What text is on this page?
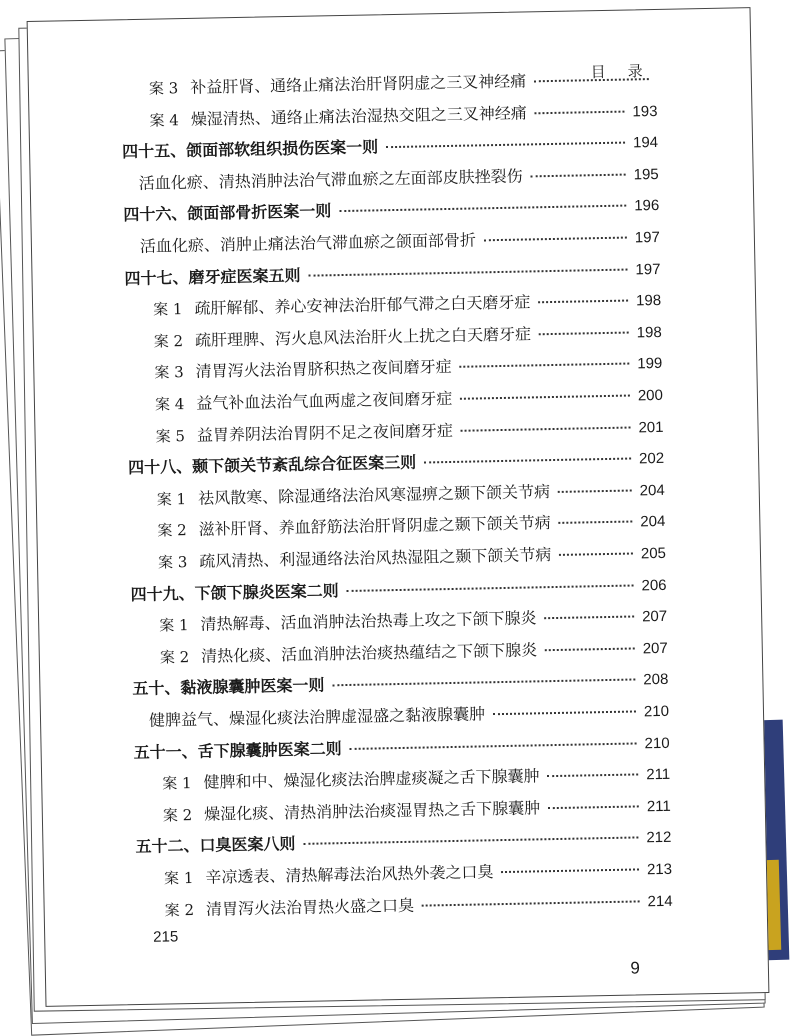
目录
案 3 补益肝肾、通络止痛法治肝肾阴虚之三叉神经痛
案 4 燥湿清热、通络止痛法治湿热交阻之三叉神经痛	193
四十五、颌面部软组织损伤医案一则	194
活血化瘀、清热消肿法治气滞血瘀之左面部皮肤挫裂伤	195
四十六、颌面部骨折医案一则	196
活血化瘀、消肿止痛法治气滞血瘀之颌面部骨折	197
四十七、磨牙症医案五则	197
案 1 疏肝解郁、养心安神法治肝郁气滞之白天磨牙症	198
案 2 疏肝理脾、泻火息风法治肝火上扰之白天磨牙症	198
案 3 清胃泻火法治胃脐积热之夜间磨牙症	199
案 4 益气补血法治气血两虚之夜间磨牙症	200
案 5 益胃养阴法治胃阴不足之夜间磨牙症	201
四十八、颞下颌关节紊乱综合征医案三则	202
案 1 祛风散寒、除湿通络法治风寒湿痹之颞下颌关节病	204
案 2 滋补肝肾、养血舒筋法治肝肾阴虚之颞下颌关节病	204
案 3 疏风清热、利湿通络法治风热湿阻之颞下颌关节病	205
四十九、下颌下腺炎医案二则	206
案 1 清热解毒、活血消肿法治热毒上攻之下颌下腺炎	207
案 2 清热化痰、活血消肿法治痰热蕴结之下颌下腺炎	207
五十、黏液腺囊肿医案一则	208
健脾益气、燥湿化痰法治脾虚湿盛之黏液腺囊肿	210
五十一、舌下腺囊肿医案二则	210
案 1 健脾和中、燥湿化痰法治脾虚痰凝之舌下腺囊肿	211
案 2 燥湿化痰、清热消肿法治痰湿胃热之舌下腺囊肿	211
五十二、口臭医案八则	212
案 1 辛凉透表、清热解毒法治风热外袭之口臭	213
案 2 清胃泻火法治胃热火盛之口臭	214
215
9
